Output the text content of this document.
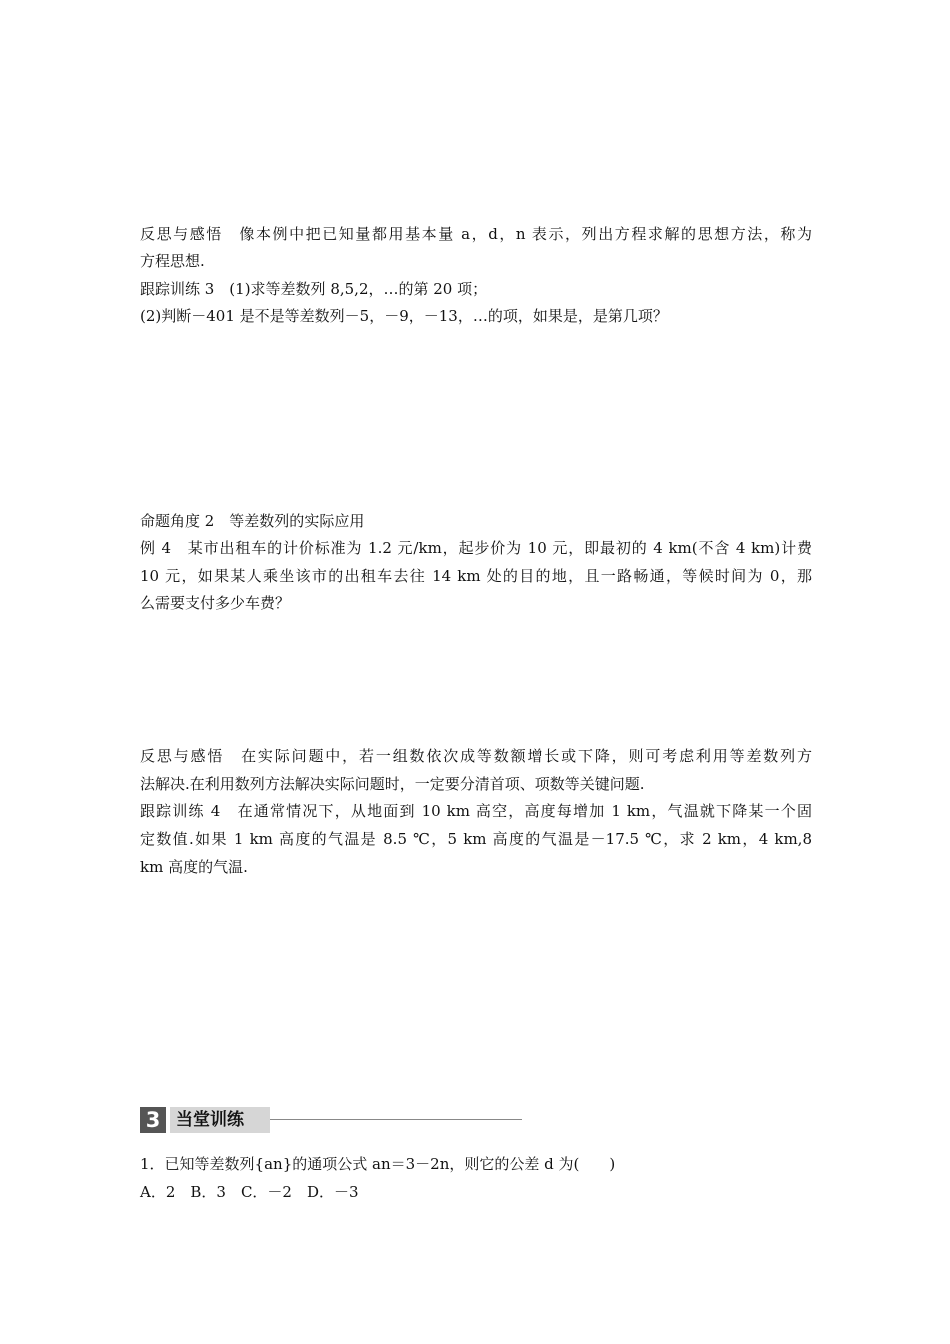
反思与感悟　像本例中把已知量都用基本量 a，d，n 表示，列出方程求解的思想方法，称为
方程思想.
跟踪训练 3　(1)求等差数列 8,5,2，…的第 20 项；
(2)判断－401 是不是等差数列－5，－9，－13，…的项，如果是，是第几项？
命题角度 2　等差数列的实际应用
例 4　某市出租车的计价标准为 1.2 元/km，起步价为 10 元，即最初的 4 km(不含 4 km)计费
10 元，如果某人乘坐该市的出租车去往 14 km 处的目的地，且一路畅通，等候时间为 0，那
么需要支付多少车费？
反思与感悟　在实际问题中，若一组数依次成等数额增长或下降，则可考虑利用等差数列方
法解决.在利用数列方法解决实际问题时，一定要分清首项、项数等关键问题.
跟踪训练 4　在通常情况下，从地面到 10 km 高空，高度每增加 1 km，气温就下降某一个固
定数值.如果 1 km 高度的气温是 8.5 ℃，5 km 高度的气温是－17.5 ℃，求 2 km，4 km,8
km 高度的气温.
3 当堂训练
1．已知等差数列{an}的通项公式 an＝3－2n，则它的公差 d 为(　　)
A．2　B．3　C．－2　D．－3
